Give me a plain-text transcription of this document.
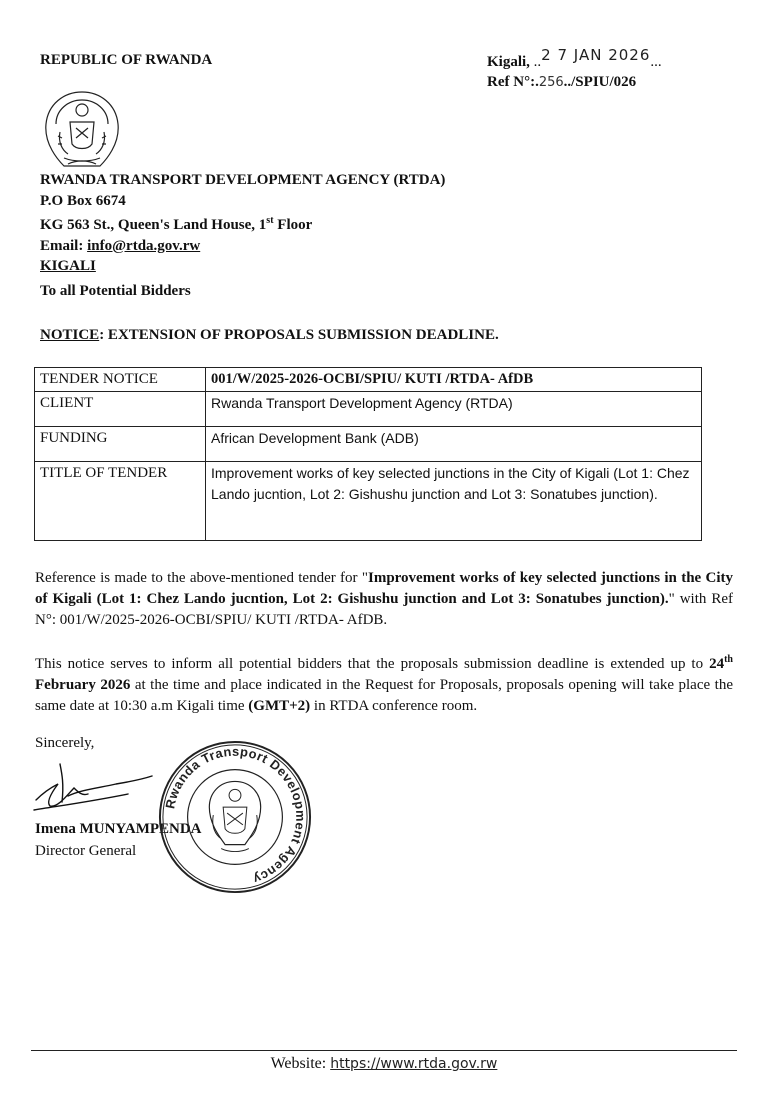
REPUBLIC OF RWANDA	Kigali, ..2 7 JAN 2026...
Ref N°:.256../SPIU/026
RWANDA TRANSPORT DEVELOPMENT AGENCY (RTDA)
P.O Box 6674
KG 563 St., Queen's Land House, 1st Floor
Email: info@rtda.gov.rw
KIGALI
To all Potential Bidders
NOTICE: EXTENSION OF PROPOSALS SUBMISSION DEADLINE.
TENDER NOTICE	001/W/2025-2026-OCBI/SPIU/ KUTI /RTDA- AfDB
CLIENT	Rwanda Transport Development Agency (RTDA)
FUNDING	African Development Bank (ADB)
TITLE OF TENDER	Improvement works of key selected junctions in the City of Kigali (Lot 1: Chez Lando jucntion, Lot 2: Gishushu junction and Lot 3: Sonatubes junction).
Reference is made to the above-mentioned tender for "Improvement works of key selected junctions in the City of Kigali (Lot 1: Chez Lando jucntion, Lot 2: Gishushu junction and Lot 3: Sonatubes junction)." with Ref N°: 001/W/2025-2026-OCBI/SPIU/ KUTI /RTDA- AfDB.
This notice serves to inform all potential bidders that the proposals submission deadline is extended up to 24th February 2026 at the time and place indicated in the Request for Proposals, proposals opening will take place the same date at 10:30 a.m Kigali time (GMT+2) in RTDA conference room.
Sincerely,
Imena MUNYAMPENDA
Director General
Rwanda Transport Development Agency
Website: https://www.rtda.gov.rw
